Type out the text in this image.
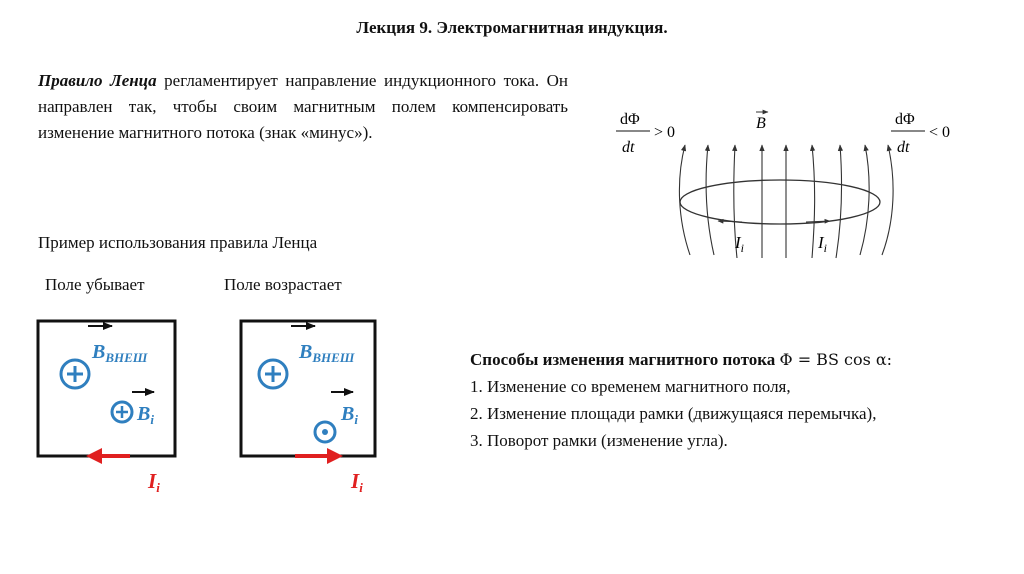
Лекция 9. Электромагнитная индукция.
Правило Ленца регламентирует направление индукционного тока. Он направлен так, чтобы своим магнитным полем компенсировать изменение магнитного потока (знак «минус»).
dΦ
dt
> 0
dΦ
dt
< 0
B
$I_i$	$I_i$
Пример использования правила Ленца
Поле убывает	Поле возрастает
$B_{ВНЕШ}$
$B_i$
Ii
$B_{ВНЕШ}$
$B_i$
Ii
Способы изменения магнитного потока Φ = BS cos α:
1. Изменение со временем магнитного поля,
2. Изменение площади рамки (движущаяся перемычка),
3. Поворот рамки (изменение угла).
